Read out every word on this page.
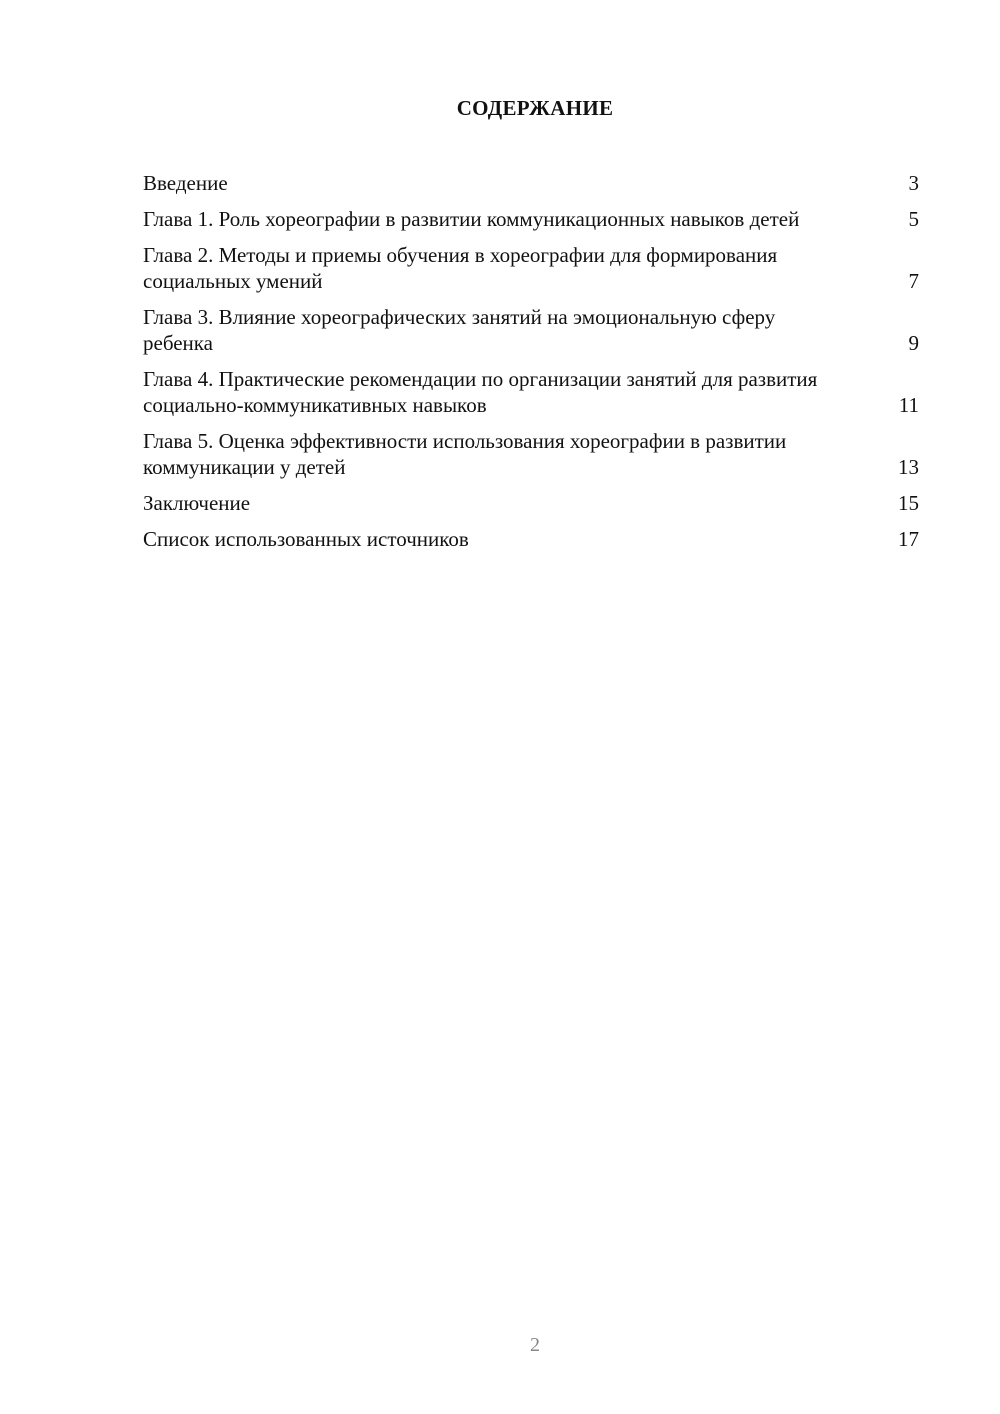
СОДЕРЖАНИЕ
Введение	3
Глава 1. Роль хореографии в развитии коммуникационных навыков детей	5
Глава 2. Методы и приемы обучения в хореографии для формирования социальных умений	7
Глава 3. Влияние хореографических занятий на эмоциональную сферу ребенка	9
Глава 4. Практические рекомендации по организации занятий для развития социально-коммуникативных навыков	11
Глава 5. Оценка эффективности использования хореографии в развитии коммуникации у детей	13
Заключение	15
Список использованных источников	17
2
